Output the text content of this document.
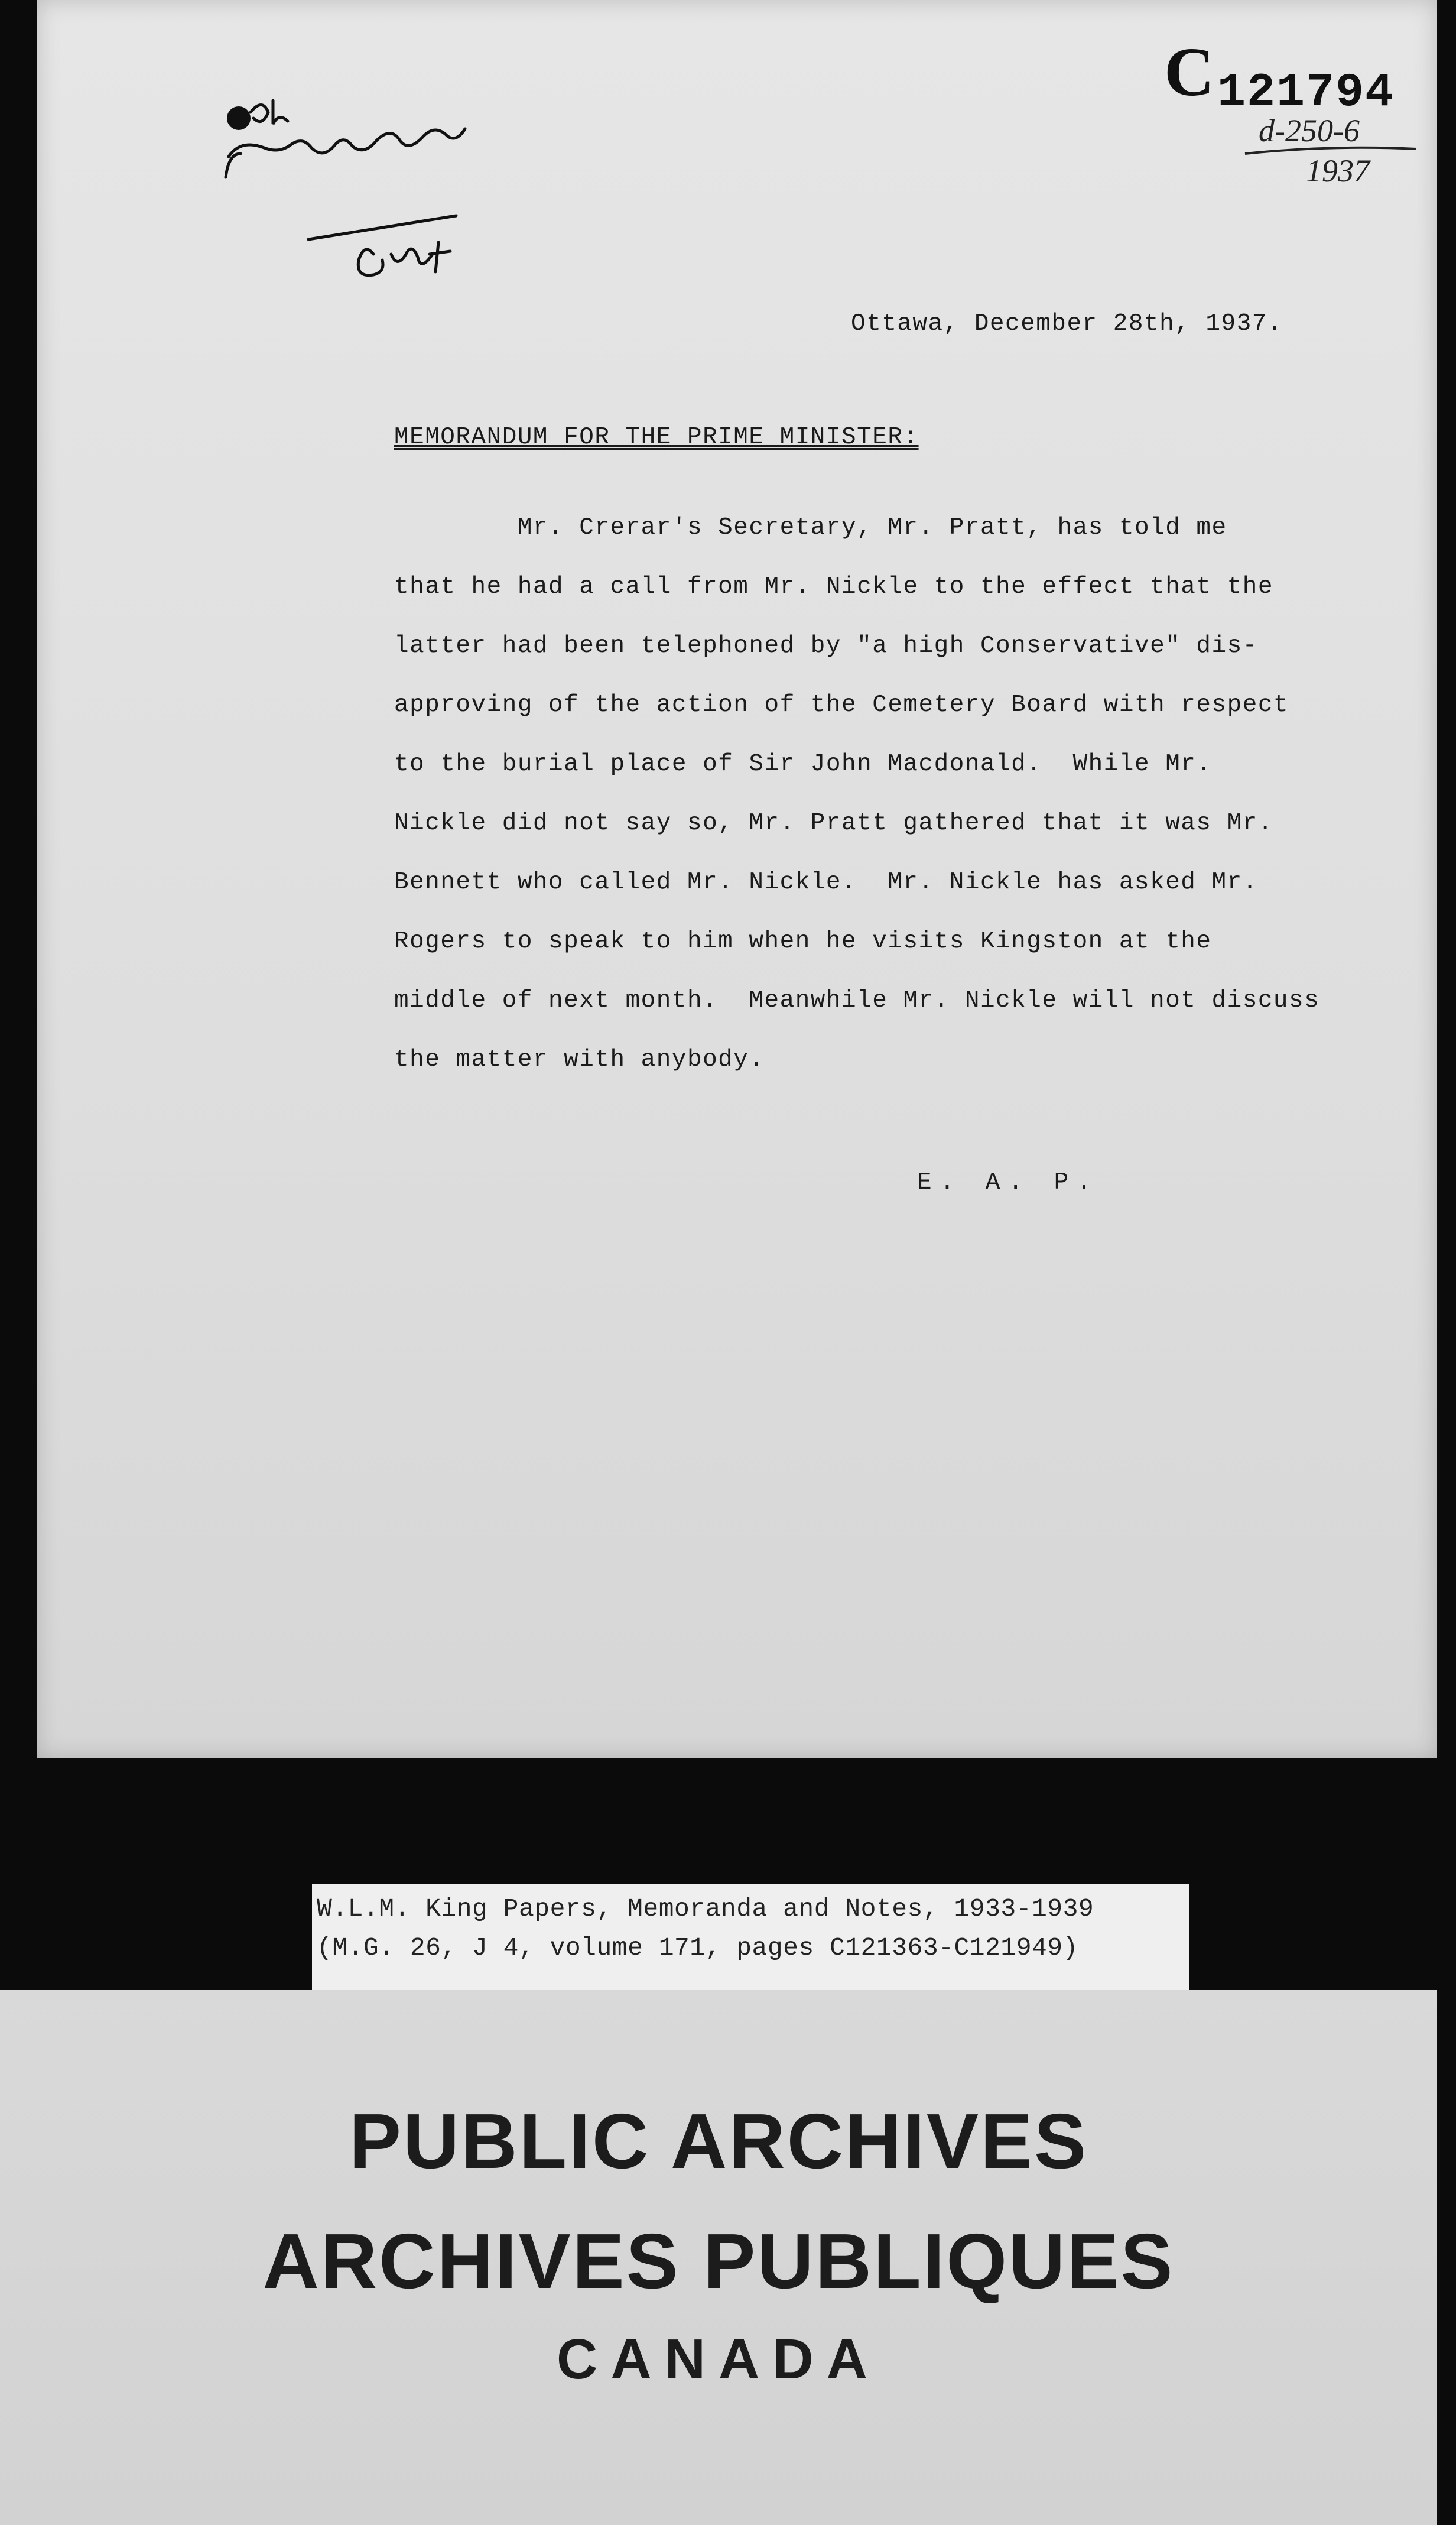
C 121794
d-250-6
1937
Ottawa, December 28th, 1937.
MEMORANDUM FOR THE PRIME MINISTER:
Mr. Crerar's Secretary, Mr. Pratt, has told me
that he had a call from Mr. Nickle to the effect that the
latter had been telephoned by "a high Conservative" dis-
approving of the action of the Cemetery Board with respect
to the burial place of Sir John Macdonald.  While Mr.
Nickle did not say so, Mr. Pratt gathered that it was Mr.
Bennett who called Mr. Nickle.  Mr. Nickle has asked Mr.
Rogers to speak to him when he visits Kingston at the
middle of next month.  Meanwhile Mr. Nickle will not discuss
the matter with anybody.
E. A. P.
W.L.M. King Papers, Memoranda and Notes, 1933-1939
(M.G. 26, J 4, volume 171, pages C121363-C121949)
PUBLIC ARCHIVES
ARCHIVES PUBLIQUES
CANADA
